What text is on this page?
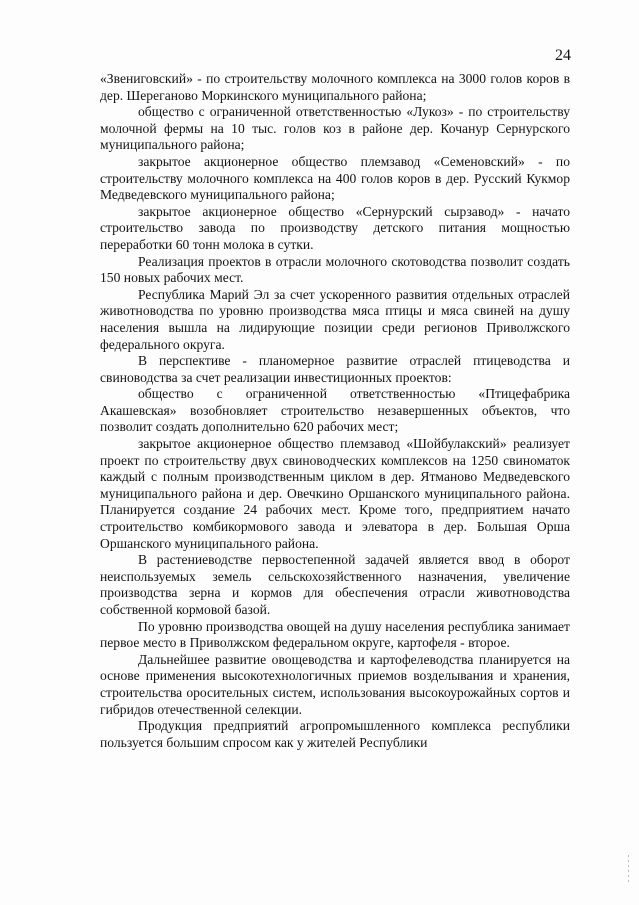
24

«Звениговский» - по строительству молочного комплекса на 3000 голов коров в дер. Шереганово Моркинского муниципального района;

общество с ограниченной ответственностью «Лукоз» - по строительству молочной фермы на 10 тыс. голов коз в районе дер. Кочанур Сернурского муниципального района;

закрытое акционерное общество племзавод «Семеновский» - по строительству молочного комплекса на 400 голов коров в дер. Русский Кукмор Медведевского муниципального района;

закрытое акционерное общество «Сернурский сырзавод» - начато строительство завода по производству детского питания мощностью переработки 60 тонн молока в сутки.

Реализация проектов в отрасли молочного скотоводства позволит создать 150 новых рабочих мест.

Республика Марий Эл за счет ускоренного развития отдельных отраслей животноводства по уровню производства мяса птицы и мяса свиней на душу населения вышла на лидирующие позиции среди регионов Приволжского федерального округа.

В перспективе - планомерное развитие отраслей птицеводства и свиноводства за счет реализации инвестиционных проектов:

общество с ограниченной ответственностью «Птицефабрика Акашевская» возобновляет строительство незавершенных объектов, что позволит создать дополнительно 620 рабочих мест;

закрытое акционерное общество племзавод «Шойбулакский» реализует проект по строительству двух свиноводческих комплексов на 1250 свиноматок каждый с полным производственным циклом в дер. Ятманово Медведевского муниципального района и дер. Овечкино Оршанского муниципального района. Планируется создание 24 рабочих мест. Кроме того, предприятием начато строительство комбикормового завода и элеватора в дер. Большая Орша Оршанского муниципального района.

В растениеводстве первостепенной задачей является ввод в оборот неиспользуемых земель сельскохозяйственного назначения, увеличение производства зерна и кормов для обеспечения отрасли животноводства собственной кормовой базой.

По уровню производства овощей на душу населения республика занимает первое место в Приволжском федеральном округе, картофеля - второе.

Дальнейшее развитие овощеводства и картофелеводства планируется на основе применения высокотехнологичных приемов возделывания и хранения, строительства оросительных систем, использования высокоурожайных сортов и гибридов отечественной селекции.

Продукция предприятий агропромышленного комплекса республики пользуется большим спросом как у жителей Республики
